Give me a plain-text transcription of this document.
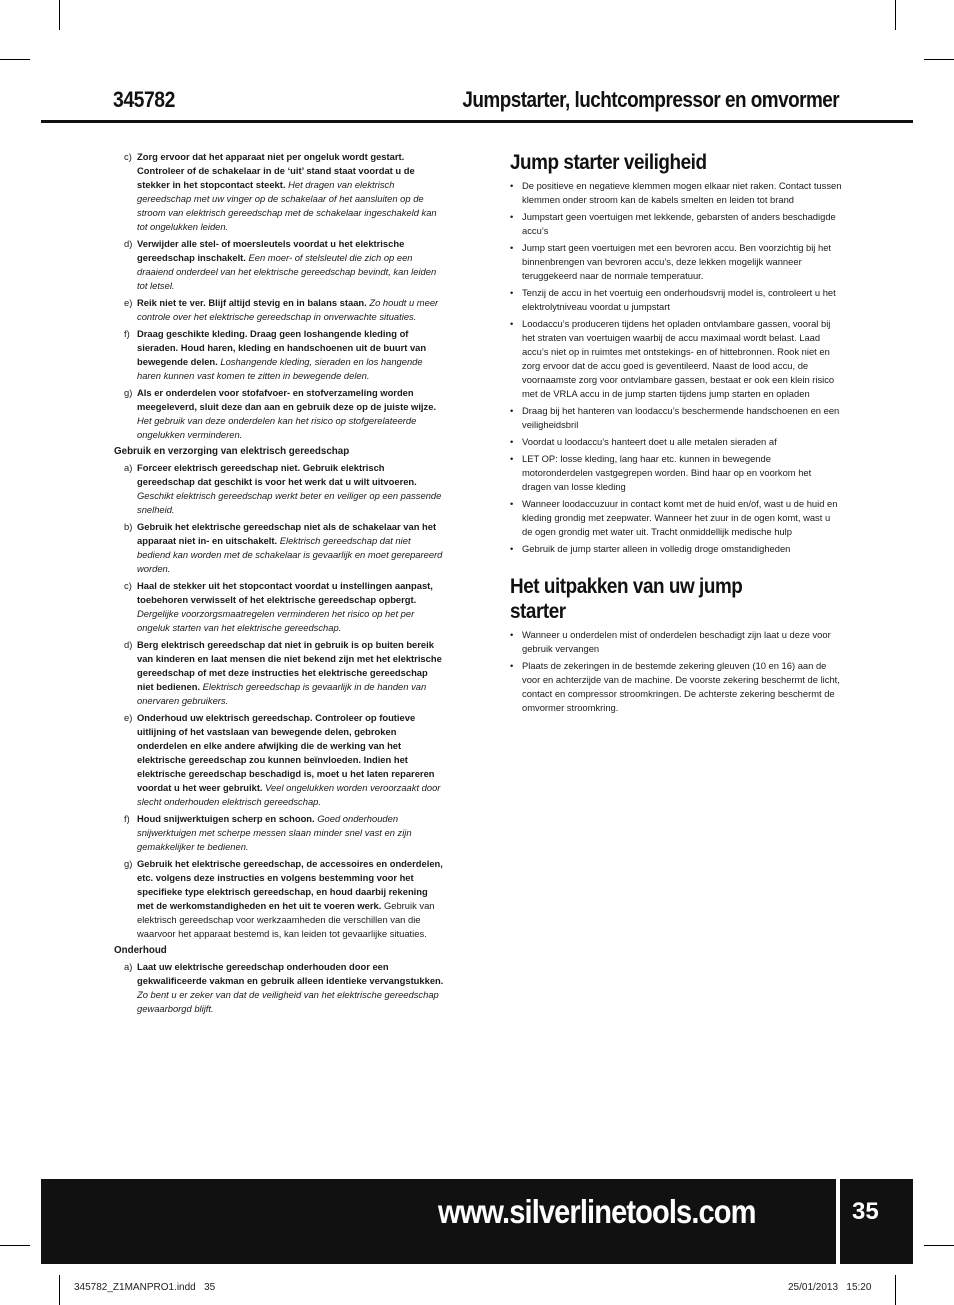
345782	Jumpstarter, luchtcompressor en omvormer
c) Zorg ervoor dat het apparaat niet per ongeluk wordt gestart. Controleer of de schakelaar in de ‘uit’ stand staat voordat u de stekker in het stopcontact steekt. Het dragen van elektrisch gereedschap met uw vinger op de schakelaar of het aansluiten op de stroom van elektrisch gereedschap met de schakelaar ingeschakeld kan tot ongelukken leiden.
d) Verwijder alle stel- of moersleutels voordat u het elektrische gereedschap inschakelt. Een moer- of stelsleutel die zich op een draaiend onderdeel van het elektrische gereedschap bevindt, kan leiden tot letsel.
e) Reik niet te ver. Blijf altijd stevig en in balans staan. Zo houdt u meer controle over het elektrische gereedschap in onverwachte situaties.
f) Draag geschikte kleding. Draag geen loshangende kleding of sieraden. Houd haren, kleding en handschoenen uit de buurt van bewegende delen. Loshangende kleding, sieraden en los hangende haren kunnen vast komen te zitten in bewegende delen.
g) Als er onderdelen voor stofafvoer- en stofverzameling worden meegeleverd, sluit deze dan aan en gebruik deze op de juiste wijze. Het gebruik van deze onderdelen kan het risico op stofgerelateerde ongelukken verminderen.
Gebruik en verzorging van elektrisch gereedschap
a) Forceer elektrisch gereedschap niet. Gebruik elektrisch gereedschap dat geschikt is voor het werk dat u wilt uitvoeren. Geschikt elektrisch gereedschap werkt beter en veiliger op een passende snelheid.
b) Gebruik het elektrische gereedschap niet als de schakelaar van het apparaat niet in- en uitschakelt. Elektrisch gereedschap dat niet bediend kan worden met de schakelaar is gevaarlijk en moet gerepareerd worden.
c) Haal de stekker uit het stopcontact voordat u instellingen aanpast, toebehoren verwisselt of het elektrische gereedschap opbergt. Dergelijke voorzorgsmaatregelen verminderen het risico op het per ongeluk starten van het elektrische gereedschap.
d) Berg elektrisch gereedschap dat niet in gebruik is op buiten bereik van kinderen en laat mensen die niet bekend zijn met het elektrische gereedschap of met deze instructies het elektrische gereedschap niet bedienen. Elektrisch gereedschap is gevaarlijk in de handen van onervaren gebruikers.
e) Onderhoud uw elektrisch gereedschap. Controleer op foutieve uitlijning of het vastslaan van bewegende delen, gebroken onderdelen en elke andere afwijking die de werking van het elektrische gereedschap zou kunnen beïnvloeden. Indien het elektrische gereedschap beschadigd is, moet u het laten repareren voordat u het weer gebruikt. Veel ongelukken worden veroorzaakt door slecht onderhouden elektrisch gereedschap.
f) Houd snijwerktuigen scherp en schoon. Goed onderhouden snijwerktuigen met scherpe messen slaan minder snel vast en zijn gemakkelijker te bedienen.
g) Gebruik het elektrische gereedschap, de accessoires en onderdelen, etc. volgens deze instructies en volgens bestemming voor het specifieke type elektrisch gereedschap, en houd daarbij rekening met de werkomstandigheden en het uit te voeren werk. Gebruik van elektrisch gereedschap voor werkzaamheden die verschillen van die waarvoor het apparaat bestemd is, kan leiden tot gevaarlijke situaties.
Onderhoud
a) Laat uw elektrische gereedschap onderhouden door een gekwalificeerde vakman en gebruik alleen identieke vervangstukken. Zo bent u er zeker van dat de veiligheid van het elektrische gereedschap gewaarborgd blijft.
Jump starter veiligheid
• De positieve en negatieve klemmen mogen elkaar niet raken. Contact tussen klemmen onder stroom kan de kabels smelten en leiden tot brand
• Jumpstart geen voertuigen met lekkende, gebarsten of anders beschadigde accu’s
• Jump start geen voertuigen met een bevroren accu. Ben voorzichtig bij het binnenbrengen van bevroren accu’s, deze lekken mogelijk wanneer teruggekeerd naar de normale temperatuur.
• Tenzij de accu in het voertuig een onderhoudsvrij model is, controleert u het elektrolytniveau voordat u jumpstart
• Loodaccu’s produceren tijdens het opladen ontvlambare gassen, vooral bij het straten van voertuigen waarbij de accu maximaal wordt belast. Laad accu’s niet op in ruimtes met ontstekings- en of hittebronnen. Rook niet en zorg ervoor dat de accu goed is geventileerd. Naast de lood accu, de voornaamste zorg voor ontvlambare gassen, bestaat er ook een klein risico met de VRLA accu in de jump starten tijdens jump starten en opladen
• Draag bij het hanteren van loodaccu’s beschermende handschoenen en een veiligheidsbril
• Voordat u loodaccu’s hanteert doet u alle metalen sieraden af
• LET OP: losse kleding, lang haar etc. kunnen in bewegende motoronderdelen vastgegrepen worden. Bind haar op en voorkom het dragen van losse kleding
• Wanneer loodaccuzuur in contact komt met de huid en/of, wast u de huid en kleding grondig met zeepwater. Wanneer het zuur in de ogen komt, wast u de ogen grondig met water uit. Tracht onmiddellijk medische hulp
• Gebruik de jump starter alleen in volledig droge omstandigheden
Het uitpakken van uw jump starter
• Wanneer u onderdelen mist of onderdelen beschadigt zijn laat u deze voor gebruik vervangen
• Plaats de zekeringen in de bestemde zekering gleuven (10 en 16) aan de voor en achterzijde van de machine. De voorste zekering beschermt de licht, contact en compressor stroomkringen. De achterste zekering beschermt de omvormer stroomkring.
www.silverlinetools.com	35
345782_Z1MANPRO1.indd   35	25/01/2013   15:20
